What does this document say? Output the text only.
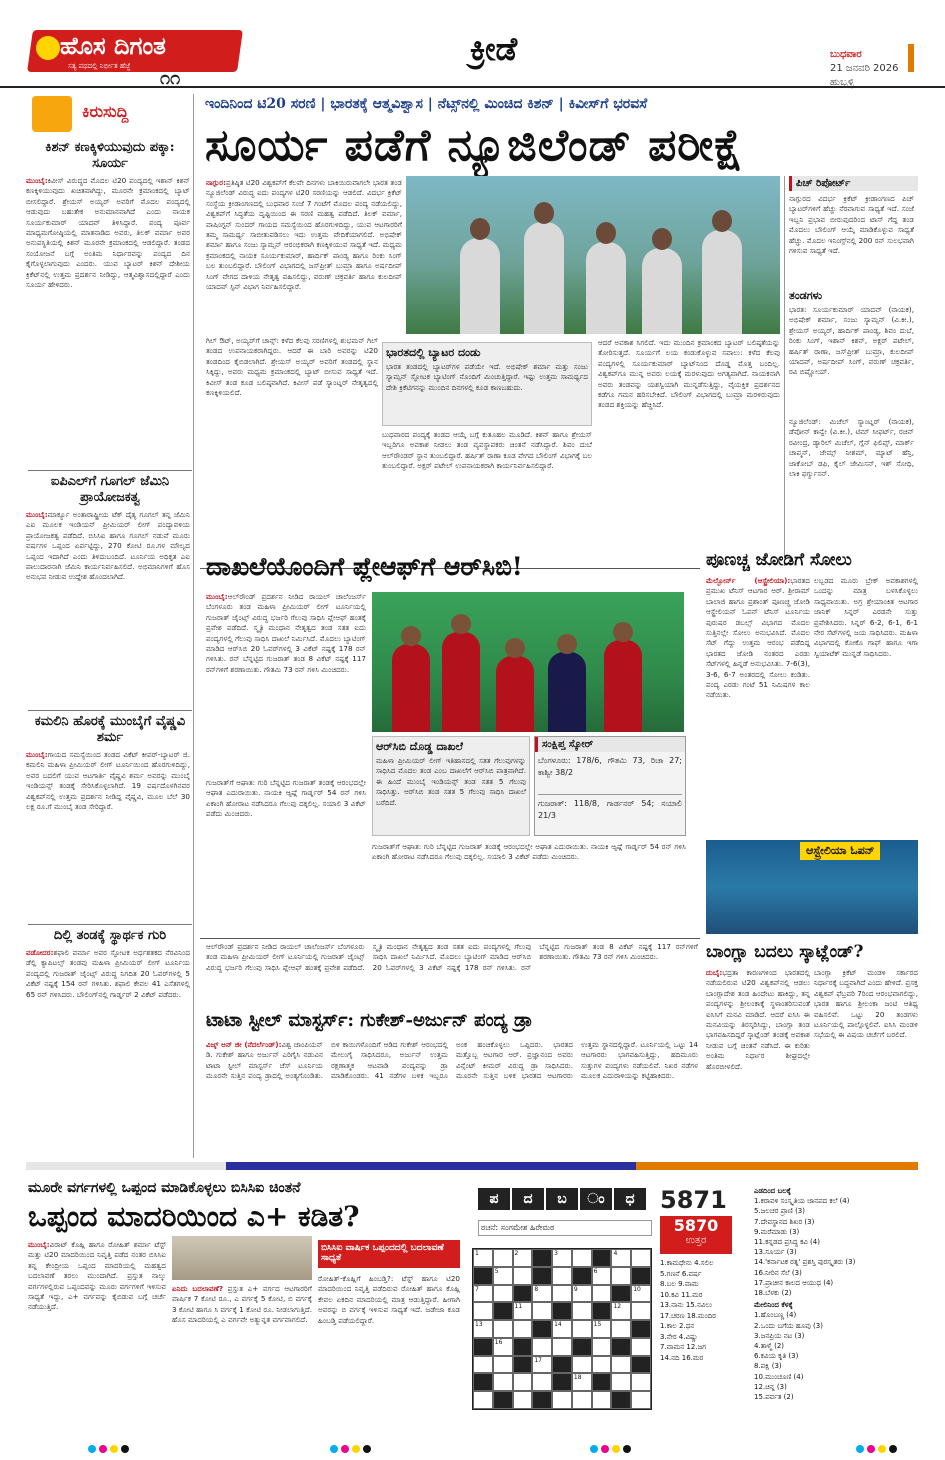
ಹೊಸ ದಿಗಂತ
ಸತ್ಯ ಪಥದಲ್ಲಿ ನಿರ್ಭೀತ ಹೆಜ್ಜೆ
೧೧
ಕ್ರೀಡೆ	ಬುಧವಾರ
21 ಜನವರಿ 2026
ಹುಬ್ಬಳ್ಳಿ
ಕಿರುಸುದ್ದಿ
ಕಿಶನ್ ಕಣಕ್ಕಿಳಿಯುವುದು ಪಕ್ಕಾ: ಸೂರ್ಯ
ಮುಂಬೈ:ಕಿವೀಸ್ ವಿರುದ್ಧದ ಮೊದಲ ಟಿ20 ಪಂದ್ಯದಲ್ಲಿ ಇಶಾನ್ ಕಿಶನ್ ಕಣಕ್ಕಿಳಿಯುವುದು ಖಚಿತವಾಗಿದ್ದು, ಮೂರನೇ ಕ್ರಮಾಂಕದಲ್ಲಿ ಬ್ಯಾಟ್ ಬೀಸಲಿದ್ದಾರೆ. ಶ್ರೇಯಸ್ ಅಯ್ಯರ್ ಅವರಿಗೆ ಮೊದಲ ಪಂದ್ಯದಲ್ಲಿ ಆಡುವುದು ಬಹುತೇಕ ಅನುಮಾನವಾಗಿದೆ ಎಂದು ನಾಯಕ ಸೂರ್ಯಕುಮಾರ್ ಯಾದವ್ ತಿಳಿಸಿದ್ದಾರೆ. ಪಂದ್ಯ ಪೂರ್ವ ಮಾಧ್ಯಮಗೋಷ್ಠಿಯಲ್ಲಿ ಮಾತನಾಡಿದ ಅವರು, ತಿಲಕ್ ವರ್ಮಾ ಅವರ ಅನುಪಸ್ಥಿತಿಯಲ್ಲಿ ಕಿಶನ್ ಮೂರನೇ ಕ್ರಮಾಂಕದಲ್ಲಿ ಆಡಲಿದ್ದಾರೆ. ತಂಡದ ಸಂಯೋಜನೆ ಬಗ್ಗೆ ಅಂತಿಮ ನಿರ್ಧಾರವನ್ನು ಪಂದ್ಯದ ದಿನ ಕೈಗೊಳ್ಳಲಾಗುವುದು ಎಂದರು. ಯುವ ಬ್ಯಾಟರ್ ಕಿಶನ್ ದೇಶೀಯ ಕ್ರಿಕೆಟ್‌ನಲ್ಲಿ ಉತ್ತಮ ಪ್ರದರ್ಶನ ನೀಡಿದ್ದು, ಆತ್ಮವಿಶ್ವಾಸದಲ್ಲಿದ್ದಾರೆ ಎಂದು ಸೂರ್ಯ ಹೇಳಿದರು.
ಐಪಿಎಲ್‌ಗೆ ಗೂಗಲ್ ಜೆಮಿನಿ ಪ್ರಾಯೋಜಕತ್ವ
ಮುಂಬೈ:ಮಾರ್ಕ್ಯೂ ಅಂತಾರಾಷ್ಟ್ರೀಯ ಟೆಕ್ ದೈತ್ಯ ಗೂಗಲ್ ತನ್ನ ಜೆಮಿನಿ ಎಐ ಮೂಲಕ ಇಂಡಿಯನ್ ಪ್ರೀಮಿಯರ್ ಲೀಗ್ ಪಂದ್ಯಾವಳಿಯ ಪ್ರಾಯೋಜಕತ್ವ ಪಡೆದಿದೆ. ಬಿಸಿಸಿಐ ಹಾಗೂ ಗೂಗಲ್ ನಡುವೆ ಮೂರು ವರ್ಷಗಳ ಒಪ್ಪಂದ ಏರ್ಪಟ್ಟಿದ್ದು, 270 ಕೋಟಿ ರೂ.ಗಳ ಮೌಲ್ಯದ ಒಪ್ಪಂದ ಇದಾಗಿದೆ ಎಂದು ತಿಳಿದುಬಂದಿದೆ. ಟೂರ್ನಿಯ ಅಧಿಕೃತ ಎಐ ಪಾಲುದಾರನಾಗಿ ಜೆಮಿನಿ ಕಾರ್ಯನಿರ್ವಹಿಸಲಿದೆ. ಅಭಿಮಾನಿಗಳಿಗೆ ಹೊಸ ಅನುಭವ ನೀಡುವ ಉದ್ದೇಶ ಹೊಂದಲಾಗಿದೆ.
ಕಮಲಿನಿ ಹೊರಕ್ಕೆ ಮುಂಬೈಗೆ ವೈಷ್ಣವಿ ಶರ್ಮ
ಮುಂಬೈ:ಗಾಯದ ಸಮಸ್ಯೆಯಿಂದ ತಂಡದ ವಿಕೆಟ್ ಕೀಪರ್-ಬ್ಯಾಟರ್ ಜಿ. ಕಮಲಿನಿ ಮಹಿಳಾ ಪ್ರೀಮಿಯರ್ ಲೀಗ್ ಟೂರ್ನಿಯಿಂದ ಹೊರಗುಳಿದಿದ್ದು, ಅವರ ಬದಲಿಗೆ ಯುವ ಆಟಗಾರ್ತಿ ವೈಷ್ಣವಿ ಶರ್ಮ ಅವರನ್ನು ಮುಂಬೈ ಇಂಡಿಯನ್ಸ್ ತಂಡಕ್ಕೆ ಸೇರಿಸಿಕೊಳ್ಳಲಾಗಿದೆ. 19 ವರ್ಷದೊಳಗಿನವರ ವಿಶ್ವಕಪ್‌ನಲ್ಲಿ ಉತ್ತಮ ಪ್ರದರ್ಶನ ನೀಡಿದ್ದ ವೈಷ್ಣವಿ, ಮೂಲ ಬೆಲೆ 30 ಲಕ್ಷ ರೂ.ಗೆ ಮುಂಬೈ ತಂಡ ಸೇರಿದ್ದಾರೆ.
ದಿಲ್ಲಿ ತಂಡಕ್ಕೆ ಸ್ಥಾರ್ಥಕ ಗುರಿ
ವಡೋದರ:ಶಫಾಲಿ ವರ್ಮಾ ಅವರ ಸ್ಫೋಟಕ ಅರ್ಧಶತಕದ ನೆರವಿನಿಂದ ಡೆಲ್ಲಿ ಕ್ಯಾಪಿಟಲ್ಸ್ ತಂಡವು ಮಹಿಳಾ ಪ್ರೀಮಿಯರ್ ಲೀಗ್ ಟೂರ್ನಿಯ ಪಂದ್ಯದಲ್ಲಿ ಗುಜರಾತ್ ಜೈಂಟ್ಸ್ ವಿರುದ್ಧ ನಿಗದಿತ 20 ಓವರ್‌ಗಳಲ್ಲಿ 5 ವಿಕೆಟ್ ನಷ್ಟಕ್ಕೆ 154 ರನ್ ಗಳಿಸಿತು. ಶಫಾಲಿ ಕೇವಲ 41 ಎಸೆತಗಳಲ್ಲಿ 65 ರನ್ ಗಳಿಸಿದರು. ಬೌಲಿಂಗ್‌ನಲ್ಲಿ ಗಾರ್ಡ್ನರ್ 2 ವಿಕೆಟ್ ಪಡೆದರು.
ಇಂದಿನಿಂದ ಟಿ20 ಸರಣಿ | ಭಾರತಕ್ಕೆ ಆತ್ಮವಿಶ್ವಾಸ | ನೆಟ್ಸ್‌ನಲ್ಲಿ ಮಿಂಚಿದ ಕಿಶನ್ | ಕಿವೀಸ್‌ಗೆ ಭರವಸೆ
ಸೂರ್ಯ ಪಡೆಗೆ ನ್ಯೂಜಿಲೆಂಡ್ ಪರೀಕ್ಷೆ
ನಾಗ್ಪುರ:ಪ್ರತಿಷ್ಠಿತ ಟಿ20 ವಿಶ್ವಕಪ್‌ಗೆ ಕೆಲವೇ ದಿನಗಳು ಬಾಕಿಯಿರುವಾಗಲೇ ಭಾರತ ತಂಡ ನ್ಯೂಜಿಲೆಂಡ್ ವಿರುದ್ಧ ಐದು ಪಂದ್ಯಗಳ ಟಿ20 ಸರಣಿಯನ್ನು ಆಡಲಿದೆ. ವಿದರ್ಭ ಕ್ರಿಕೆಟ್ ಸಂಸ್ಥೆಯ ಕ್ರೀಡಾಂಗಣದಲ್ಲಿ ಬುಧವಾರ ಸಂಜೆ 7 ಗಂಟೆಗೆ ಮೊದಲ ಪಂದ್ಯ ನಡೆಯಲಿದ್ದು, ವಿಶ್ವಕಪ್‌ಗೆ ಸಿದ್ಧತೆಯ ದೃಷ್ಟಿಯಿಂದ ಈ ಸರಣಿ ಮಹತ್ವ ಪಡೆದಿದೆ. ತಿಲಕ್ ವರ್ಮಾ, ವಾಷಿಂಗ್ಟನ್ ಸುಂದರ್ ಗಾಯದ ಸಮಸ್ಯೆಯಿಂದ ಹೊರಗುಳಿದಿದ್ದು, ಯುವ ಆಟಗಾರರಿಗೆ ತಮ್ಮ ಸಾಮರ್ಥ್ಯ ಸಾಬೀತುಪಡಿಸಲು ಇದು ಉತ್ತಮ ವೇದಿಕೆಯಾಗಲಿದೆ. ಅಭಿಷೇಕ್ ಶರ್ಮಾ ಹಾಗೂ ಸಂಜು ಸ್ಯಾಮ್ಸನ್ ಆರಂಭಿಕರಾಗಿ ಕಣಕ್ಕಿಳಿಯುವ ಸಾಧ್ಯತೆ ಇದೆ. ಮಧ್ಯಮ ಕ್ರಮಾಂಕದಲ್ಲಿ ನಾಯಕ ಸೂರ್ಯಕುಮಾರ್, ಹಾರ್ದಿಕ್ ಪಾಂಡ್ಯ ಹಾಗೂ ರಿಂಕು ಸಿಂಗ್ ಬಲ ತುಂಬಲಿದ್ದಾರೆ. ಬೌಲಿಂಗ್ ವಿಭಾಗದಲ್ಲಿ ಜಸ್‌ಪ್ರೀತ್ ಬುಮ್ರಾ ಹಾಗೂ ಅರ್ಷದೀಪ್ ಸಿಂಗ್ ವೇಗದ ದಾಳಿಯ ನೇತೃತ್ವ ವಹಿಸಲಿದ್ದು, ವರುಣ್ ಚಕ್ರವರ್ತಿ ಹಾಗೂ ಕುಲದೀಪ್ ಯಾದವ್ ಸ್ಪಿನ್ ವಿಭಾಗ ನಿರ್ವಹಿಸಲಿದ್ದಾರೆ.
ಗಿಲ್ ಔಟ್, ಅಯ್ಯರ್‌ಗೆ ಚಾನ್ಸ್: ಕಳೆದ ಕೆಲವು ಸರಣಿಗಳಲ್ಲಿ ಶುಭಮನ್ ಗಿಲ್ ತಂಡದ ಉಪನಾಯಕರಾಗಿದ್ದರು. ಆದರೆ ಈ ಬಾರಿ ಅವರನ್ನು ಟಿ20 ತಂಡದಿಂದ ಕೈಬಿಡಲಾಗಿದೆ. ಶ್ರೇಯಸ್ ಅಯ್ಯರ್ ಅವರಿಗೆ ತಂಡದಲ್ಲಿ ಸ್ಥಾನ ಸಿಕ್ಕಿದ್ದು, ಅವರು ಮಧ್ಯಮ ಕ್ರಮಾಂಕದಲ್ಲಿ ಬ್ಯಾಟ್ ಬೀಸುವ ಸಾಧ್ಯತೆ ಇದೆ. ಕಿವೀಸ್ ತಂಡ ಕೂಡ ಬಲಿಷ್ಠವಾಗಿದೆ. ಕಿವೀಸ್ ಪಡೆ ಸ್ಯಾಂಟ್ನರ್ ನೇತೃತ್ವದಲ್ಲಿ ಕಣಕ್ಕಿಳಿಯಲಿದೆ.
ಭಾರತದಲ್ಲಿ ಬ್ಯಾಟರ ದಂಡು
ಭಾರತ ತಂಡದಲ್ಲಿ ಬ್ಯಾಟರ್‌ಗಳ ಪಡೆಯೇ ಇದೆ. ಅಭಿಷೇಕ್ ಶರ್ಮಾ ಮತ್ತು ಸಂಜು ಸ್ಯಾಮ್ಸನ್ ಸ್ಫೋಟಕ ಬ್ಯಾಟಿಂಗ್ ನೊಂದಿಗೆ ಮಿಂಚುತ್ತಿದ್ದಾರೆ. ಇಷ್ಟು ಉತ್ತಮ ಸಾಮರ್ಥ್ಯದ ದೇಶಿ ಕ್ರಿಕೆಟಿಗನನ್ನು ಮುಂದಿನ ದಿನಗಳಲ್ಲಿ ಕೂಡ ಕಾಣಬಹುದು.
ಬುಧವಾರದ ಪಂದ್ಯಕ್ಕೆ ತಂಡದ ಆಯ್ಕೆ ಬಗ್ಗೆ ಕುತೂಹಲ ಮೂಡಿದೆ. ಕಿಶನ್ ಹಾಗೂ ಶ್ರೇಯಸ್ ಇಬ್ಬರಿಗೂ ಅವಕಾಶ ನೀಡಲು ತಂಡ ವ್ಯವಸ್ಥಾಪಕರು ಚಿಂತನೆ ನಡೆಸಿದ್ದಾರೆ. ಶಿವಂ ದುಬೆ ಆಲ್‌ರೌಂಡರ್ ಸ್ಥಾನ ತುಂಬಲಿದ್ದಾರೆ. ಹರ್ಷಿತ್ ರಾಣಾ ಕೂಡ ವೇಗದ ಬೌಲಿಂಗ್ ವಿಭಾಗಕ್ಕೆ ಬಲ ತುಂಬಲಿದ್ದಾರೆ. ಅಕ್ಷರ್ ಪಟೇಲ್ ಉಪನಾಯಕರಾಗಿ ಕಾರ್ಯನಿರ್ವಹಿಸಲಿದ್ದಾರೆ.
ಆದರೆ ಅವಕಾಶ ಸಿಗಲಿದೆ. ಇದು ಮುಂದಿನ ಕ್ರಮಾಂಕದ ಬ್ಯಾಟರ್ ಬಲಿಷ್ಠತೆಯನ್ನು ತೋರಿಸುತ್ತದೆ. ಸೂರ್ಯಗೆ ಲಯ ಕಂಡುಕೊಳ್ಳುವ ಸವಾಲು: ಕಳೆದ ಕೆಲವು ಪಂದ್ಯಗಳಲ್ಲಿ ಸೂರ್ಯಕುಮಾರ್ ಬ್ಯಾಟ್‌ನಿಂದ ದೊಡ್ಡ ಮೊತ್ತ ಬಂದಿಲ್ಲ. ವಿಶ್ವಕಪ್‌ಗೂ ಮುನ್ನ ಅವರು ಲಯಕ್ಕೆ ಮರಳುವುದು ಅಗತ್ಯವಾಗಿದೆ. ನಾಯಕನಾಗಿ ಅವರು ತಂಡವನ್ನು ಯಶಸ್ವಿಯಾಗಿ ಮುನ್ನಡೆಸುತ್ತಿದ್ದು, ವೈಯಕ್ತಿಕ ಪ್ರದರ್ಶನದ ಕಡೆಗೂ ಗಮನ ಹರಿಸಬೇಕಿದೆ. ಬೌಲಿಂಗ್ ವಿಭಾಗದಲ್ಲಿ ಬುಮ್ರಾ ಮರಳಿರುವುದು ತಂಡದ ಶಕ್ತಿಯನ್ನು ಹೆಚ್ಚಿಸಿದೆ.
ಪಿಚ್ ರಿಪೋರ್ಟ್
ನಾಗ್ಪುರದ ವಿದರ್ಭ ಕ್ರಿಕೆಟ್ ಕ್ರೀಡಾಂಗಣದ ಪಿಚ್ ಬ್ಯಾಟರ್‌ಗಳಿಗೆ ಹೆಚ್ಚು ನೆರವಾಗುವ ಸಾಧ್ಯತೆ ಇದೆ. ಸಂಜೆ ಇಬ್ಬನಿ ಪ್ರಭಾವ ಬೀರುವುದರಿಂದ ಟಾಸ್ ಗೆದ್ದ ತಂಡ ಮೊದಲು ಬೌಲಿಂಗ್ ಆಯ್ಕೆ ಮಾಡಿಕೊಳ್ಳುವ ಸಾಧ್ಯತೆ ಹೆಚ್ಚು. ಮೊದಲ ಇನಿಂಗ್ಸ್‌ನಲ್ಲಿ 200 ರನ್ ಸುಲಭವಾಗಿ ಗಳಿಸುವ ಸಾಧ್ಯತೆ ಇದೆ.
ತಂಡಗಳು
ಭಾರತ: ಸೂರ್ಯಕುಮಾರ್ ಯಾದವ್ (ನಾಯಕ), ಅಭಿಷೇಕ್ ಶರ್ಮಾ, ಸಂಜು ಸ್ಯಾಮ್ಸನ್ (ವಿ.ಕೀ.), ಶ್ರೇಯಸ್ ಅಯ್ಯರ್, ಹಾರ್ದಿಕ್ ಪಾಂಡ್ಯ, ಶಿವಂ ದುಬೆ, ರಿಂಕು ಸಿಂಗ್, ಇಶಾನ್ ಕಿಶನ್, ಅಕ್ಷರ್ ಪಟೇಲ್, ಹರ್ಷಿತ್ ರಾಣಾ, ಜಸ್‌ಪ್ರೀತ್ ಬುಮ್ರಾ, ಕುಲದೀಪ್ ಯಾದವ್, ಅರ್ಷದೀಪ್ ಸಿಂಗ್, ವರುಣ್ ಚಕ್ರವರ್ತಿ, ರವಿ ಬಿಷ್ಣೋಯ್.
ನ್ಯೂಜಿಲೆಂಡ್: ಮಿಚೆಲ್ ಸ್ಯಾಂಟ್ನರ್ (ನಾಯಕ), ಡೆವೋನ್ ಕಾನ್ವೇ (ವಿ.ಕೀ.), ಟಿಮ್ ಸೀಫರ್ಟ್, ರಚಿನ್ ರವೀಂದ್ರ, ಡ್ಯಾರಿಲ್ ಮಿಚೆಲ್, ಗ್ಲೆನ್ ಫಿಲಿಪ್ಸ್, ಮಾರ್ಕ್ ಚಾಪ್ಮನ್, ಜೇಮ್ಸ್ ನೀಶಮ್, ಮ್ಯಾಟ್ ಹೆನ್ರಿ, ಜಾಕೋಬ್ ಡಫಿ, ಕೈಲ್ ಜೇಮಿಸನ್, ಇಶ್ ಸೋಧಿ, ಲಾಕಿ ಫರ್ಗ್ಯುಸನ್.
ದಾಖಲೆಯೊಂದಿಗೆ ಪ್ಲೇಆಫ್‌ಗೆ ಆರ್‌ಸಿಬಿ!
ಮುಂಬೈ:ಆಲ್‌ರೌಂಡ್ ಪ್ರದರ್ಶನ ನೀಡಿದ ರಾಯಲ್ ಚಾಲೆಂಜರ್ಸ್ ಬೆಂಗಳೂರು ತಂಡ ಮಹಿಳಾ ಪ್ರೀಮಿಯರ್ ಲೀಗ್ ಟೂರ್ನಿಯಲ್ಲಿ ಗುಜರಾತ್ ಜೈಂಟ್ಸ್ ವಿರುದ್ಧ ಭರ್ಜರಿ ಗೆಲುವು ಸಾಧಿಸಿ ಪ್ಲೇಆಫ್ ಹಂತಕ್ಕೆ ಪ್ರವೇಶ ಪಡೆದಿದೆ. ಸ್ಮೃತಿ ಮಂಧಾನ ನೇತೃತ್ವದ ತಂಡ ಸತತ ಐದು ಪಂದ್ಯಗಳಲ್ಲಿ ಗೆಲುವು ಸಾಧಿಸಿ ದಾಖಲೆ ನಿರ್ಮಿಸಿದೆ. ಮೊದಲು ಬ್ಯಾಟಿಂಗ್ ಮಾಡಿದ ಆರ್‌ಸಿಬಿ 20 ಓವರ್‌ಗಳಲ್ಲಿ 3 ವಿಕೆಟ್ ನಷ್ಟಕ್ಕೆ 178 ರನ್ ಗಳಿಸಿತು. ರನ್ ಬೆನ್ನಟ್ಟಿದ ಗುಜರಾತ್ ತಂಡ 8 ವಿಕೆಟ್ ನಷ್ಟಕ್ಕೆ 117 ರನ್‌ಗಳಿಗೆ ಶರಣಾಯಿತು. ಗೌತಮಿ 73 ರನ್ ಗಳಿಸಿ ಮಿಂಚಿದರು.
ಗುಜರಾತ್‌ಗೆ ಆಘಾತ: ಗುರಿ ಬೆನ್ನಟ್ಟಿದ ಗುಜರಾತ್ ತಂಡಕ್ಕೆ ಆರಂಭದಲ್ಲೇ ಆಘಾತ ಎದುರಾಯಿತು. ನಾಯಕಿ ಆ್ಯಷ್ಲೆ ಗಾರ್ಡ್ನರ್ 54 ರನ್ ಗಳಿಸಿ ಏಕಾಂಗಿ ಹೋರಾಟ ನಡೆಸಿದರೂ ಗೆಲುವು ದಕ್ಕಲಿಲ್ಲ. ಸಯಾಲಿ 3 ವಿಕೆಟ್ ಪಡೆದು ಮಿಂಚಿದರು.
ಆರ್‌ಸಿಬಿ ದೊಡ್ಡ ದಾಖಲೆ
ಮಹಿಳಾ ಪ್ರೀಮಿಯರ್ ಲೀಗ್ ಇತಿಹಾಸದಲ್ಲಿ ಸತತ ಗೆಲುವುಗಳನ್ನು ಸಾಧಿಸಿದ ಮೊದಲ ತಂಡ ಎಂಬ ದಾಖಲೆಗೆ ಆರ್‌ಸಿಬಿ ಪಾತ್ರವಾಗಿದೆ. ಈ ಹಿಂದೆ ಮುಂಬೈ ಇಂಡಿಯನ್ಸ್ ತಂಡ ಸತತ 5 ಗೆಲುವು ಸಾಧಿಸಿತ್ತು. ಆರ್‌ಸಿಬಿ ತಂಡ ಸತತ 5 ಗೆಲುವು ಸಾಧಿಸಿ ದಾಖಲೆ ಬರೆದಿದೆ.
ಸಂಕ್ಷಿಪ್ತ ಸ್ಕೋರ್
ಬೆಂಗಳೂರು: 178/6, ಗೌತಮಿ 73, ರಿಚಾ 27; ಕಾಶ್ವೀ 38/2
ಗುಜರಾತ್: 118/8, ಗಾರ್ಡನರ್ 54; ಸಯಾಲಿ 21/3
ಗುಜರಾತ್‌ಗೆ ಆಘಾತ: ಗುರಿ ಬೆನ್ನಟ್ಟಿದ ಗುಜರಾತ್ ತಂಡಕ್ಕೆ ಆರಂಭದಲ್ಲೇ ಆಘಾತ ಎದುರಾಯಿತು. ನಾಯಕಿ ಆ್ಯಷ್ಲೆ ಗಾರ್ಡ್ನರ್ 54 ರನ್ ಗಳಿಸಿ ಏಕಾಂಗಿ ಹೋರಾಟ ನಡೆಸಿದರೂ ಗೆಲುವು ದಕ್ಕಲಿಲ್ಲ. ಸಯಾಲಿ 3 ವಿಕೆಟ್ ಪಡೆದು ಮಿಂಚಿದರು.
ಪೂಣಚ್ಚ ಜೋಡಿಗೆ ಸೋಲು
ಮೆಲ್ಬೋರ್ನ್ (ಆಸ್ಟ್ರೇಲಿಯಾ):ಭಾರತದ ಪ್ರಮುಖ ಟೆನಿಸ್ ಆಟಗಾರ ಆರ್. ಶ್ರೀರಾಮ್ ಬಾಲಾಜಿ ಹಾಗೂ ಪ್ರಶಾಂತ್ ಪೂಣಚ್ಚ ಜೋಡಿ ಆಸ್ಟ್ರೇಲಿಯನ್ ಓಪನ್ ಟೆನಿಸ್ ಟೂರ್ನಿಯ ಪುರುಷರ ಡಬಲ್ಸ್ ವಿಭಾಗದ ಮೊದಲ ಸುತ್ತಿನಲ್ಲೇ ಸೋಲು ಅನುಭವಿಸಿದೆ. ಮೊದಲ ಸೆಟ್ ಗೆದ್ದು ಉತ್ತಮ ಆರಂಭ ಪಡೆದಿದ್ದ ಭಾರತದ ಜೋಡಿ ನಂತರದ ಎರಡು ಸೆಟ್‌ಗಳಲ್ಲಿ ಹಿನ್ನಡೆ ಅನುಭವಿಸಿತು. 7-6(3), 3-6, 6-7 ಅಂತರದಲ್ಲಿ ಸೋಲು ಕಂಡಿತು. ಪಂದ್ಯ ಎರಡು ಗಂಟೆ 51 ನಿಮಿಷಗಳ ಕಾಲ ನಡೆಯಿತು.
ಲಬ್ಬಡದ ಮೂರು ಬ್ರೇಕ್ ಅವಕಾಶಗಳಲ್ಲಿ ಒಂದನ್ನು ಮಾತ್ರ ಬಳಸಿಕೊಳ್ಳಲು ಸಾಧ್ಯವಾಯಿತು. ಅಗ್ರ ಶ್ರೇಯಾಂಕಿತ ಆಟಗಾರ ಜಾನಿಕ್ ಸಿನ್ನರ್ ಎರಡನೇ ಸುತ್ತು ಪ್ರವೇಶಿಸಿದರು. ಸಿನ್ನರ್ 6-2, 6-1, 6-1 ನೇರ ಸೆಟ್‌ಗಳಲ್ಲಿ ಜಯ ಸಾಧಿಸಿದರು. ಮಹಿಳಾ ವಿಭಾಗದಲ್ಲಿ ಕೋಕೊ ಗಾಫ್ ಹಾಗೂ ಇಗಾ ಸ್ವಿಯಾಟೆಕ್ ಮುನ್ನಡೆ ಸಾಧಿಸಿದರು.
ಆಸ್ಟ್ರೇಲಿಯಾ ಓಪನ್
ಬಾಂಗ್ಲಾ ಬದಲು ಸ್ಕಾಟ್ಲೆಂಡ್?
ದುಬೈ:ಭದ್ರತಾ ಕಾರಣಗಳಿಂದ ಭಾರತದಲ್ಲಿ ನಡೆಯಲಿರುವ ಟಿ20 ವಿಶ್ವಕಪ್‌ನಲ್ಲಿ ಆಡಲು ಬಾಂಗ್ಲಾದೇಶ ತಂಡ ಹಿಂದೇಟು ಹಾಕಿದ್ದು, ತನ್ನ ಪಂದ್ಯಗಳನ್ನು ಶ್ರೀಲಂಕಾಕ್ಕೆ ಸ್ಥಳಾಂತರಿಸುವಂತೆ ಐಸಿಸಿಗೆ ಮನವಿ ಮಾಡಿದೆ. ಆದರೆ ಐಸಿಸಿ ಈ ಮನವಿಯನ್ನು ತಿರಸ್ಕರಿಸಿದ್ದು, ಬಾಂಗ್ಲಾ ತಂಡ ಭಾಗವಹಿಸದಿದ್ದರೆ ಸ್ಕಾಟ್ಲೆಂಡ್ ತಂಡಕ್ಕೆ ಅವಕಾಶ ನೀಡುವ ಬಗ್ಗೆ ಚಿಂತನೆ ನಡೆಸಿದೆ. ಈ ಕುರಿತು ಅಂತಿಮ ನಿರ್ಧಾರ ಶೀಘ್ರದಲ್ಲೇ ಹೊರಬೀಳಲಿದೆ.
ಬಾಂಗ್ಲಾ ಕ್ರಿಕೆಟ್ ಮಂಡಳಿ ಸರ್ಕಾರದ ನಿರ್ಧಾರಕ್ಕೆ ಬದ್ಧವಾಗಿದೆ ಎಂದು ಹೇಳಿದೆ. ಪ್ರಸಕ್ತ ವಿಶ್ವಕಪ್ ಫೆಬ್ರವರಿ 7ರಿಂದ ಆರಂಭವಾಗಲಿದ್ದು, ಭಾರತ ಹಾಗೂ ಶ್ರೀಲಂಕಾ ಜಂಟಿ ಆತಿಥ್ಯ ವಹಿಸಲಿವೆ. ಒಟ್ಟು 20 ತಂಡಗಳು ಟೂರ್ನಿಯಲ್ಲಿ ಪಾಲ್ಗೊಳ್ಳಲಿವೆ. ಐಸಿಸಿ ಮಂಡಳಿ ಸಭೆಯಲ್ಲಿ ಈ ವಿಷಯ ಚರ್ಚೆಗೆ ಬರಲಿದೆ.
ಟಾಟಾ ಸ್ಟೀಲ್ ಮಾಸ್ಟರ್ಸ್: ಗುಕೇಶ್-ಅರ್ಜುನ್ ಪಂದ್ಯ ಡ್ರಾ
ವಿಜ್ಕ್ ಆನ್ ಜೀ (ನೆದರ್ಲೆಂಡ್):ವಿಶ್ವ ಚಾಂಪಿಯನ್ ಡಿ. ಗುಕೇಶ್ ಹಾಗೂ ಅರ್ಜುನ್ ಎರಿಗೈಸಿ ನಡುವಿನ ಟಾಟಾ ಸ್ಟೀಲ್ ಮಾಸ್ಟರ್ಸ್ ಚೆಸ್ ಟೂರ್ನಿಯ ಮೂರನೇ ಸುತ್ತಿನ ಪಂದ್ಯ ಡ್ರಾದಲ್ಲಿ ಅಂತ್ಯಗೊಂಡಿತು. ಬಿಳಿ ಕಾಯಿಗಳೊಂದಿಗೆ ಆಡಿದ ಗುಕೇಶ್ ಆರಂಭದಲ್ಲಿ ಮೇಲುಗೈ ಸಾಧಿಸಿದರೂ, ಅರ್ಜುನ್ ಉತ್ತಮ ರಕ್ಷಣಾತ್ಮಕ ಆಟವಾಡಿ ಪಂದ್ಯವನ್ನು ಡ್ರಾ ಮಾಡಿಕೊಂಡರು. 41 ನಡೆಗಳ ಬಳಿಕ ಇಬ್ಬರೂ ಅಂಕ ಹಂಚಿಕೊಳ್ಳಲು ಒಪ್ಪಿದರು. ಭಾರತದ ಮತ್ತೊಬ್ಬ ಆಟಗಾರ ಆರ್. ಪ್ರಜ್ಞಾನಂದ ಅವರು ವಿನ್ಸೆಂಟ್ ಕೀಮರ್ ವಿರುದ್ಧ ಡ್ರಾ ಸಾಧಿಸಿದರು. ಮೂರನೇ ಸುತ್ತಿನ ಬಳಿಕ ಭಾರತದ ಆಟಗಾರರು ಉತ್ತಮ ಸ್ಥಾನದಲ್ಲಿದ್ದಾರೆ. ಟೂರ್ನಿಯಲ್ಲಿ ಒಟ್ಟು 14 ಆಟಗಾರರು ಭಾಗವಹಿಸುತ್ತಿದ್ದು, ಹದಿಮೂರು ಸುತ್ತುಗಳ ಪಂದ್ಯಗಳು ನಡೆಯಲಿವೆ. ನಿಖರ ನಡೆಗಳ ಮೂಲಕ ಎದುರಾಳಿಯನ್ನು ಕಟ್ಟಿಹಾಕಿದರು.
ಆಲ್‌ರೌಂಡ್ ಪ್ರದರ್ಶನ ನೀಡಿದ ರಾಯಲ್ ಚಾಲೆಂಜರ್ಸ್ ಬೆಂಗಳೂರು ತಂಡ ಮಹಿಳಾ ಪ್ರೀಮಿಯರ್ ಲೀಗ್ ಟೂರ್ನಿಯಲ್ಲಿ ಗುಜರಾತ್ ಜೈಂಟ್ಸ್ ವಿರುದ್ಧ ಭರ್ಜರಿ ಗೆಲುವು ಸಾಧಿಸಿ ಪ್ಲೇಆಫ್ ಹಂತಕ್ಕೆ ಪ್ರವೇಶ ಪಡೆದಿದೆ. ಸ್ಮೃತಿ ಮಂಧಾನ ನೇತೃತ್ವದ ತಂಡ ಸತತ ಐದು ಪಂದ್ಯಗಳಲ್ಲಿ ಗೆಲುವು ಸಾಧಿಸಿ ದಾಖಲೆ ನಿರ್ಮಿಸಿದೆ. ಮೊದಲು ಬ್ಯಾಟಿಂಗ್ ಮಾಡಿದ ಆರ್‌ಸಿಬಿ 20 ಓವರ್‌ಗಳಲ್ಲಿ 3 ವಿಕೆಟ್ ನಷ್ಟಕ್ಕೆ 178 ರನ್ ಗಳಿಸಿತು. ರನ್ ಬೆನ್ನಟ್ಟಿದ ಗುಜರಾತ್ ತಂಡ 8 ವಿಕೆಟ್ ನಷ್ಟಕ್ಕೆ 117 ರನ್‌ಗಳಿಗೆ ಶರಣಾಯಿತು. ಗೌತಮಿ 73 ರನ್ ಗಳಿಸಿ ಮಿಂಚಿದರು.
ಮೂರೇ ವರ್ಗಗಳಲ್ಲಿ ಒಪ್ಪಂದ ಮಾಡಿಕೊಳ್ಳಲು ಬಿಸಿಸಿಐ ಚಿಂತನೆ
ಒಪ್ಪಂದ ಮಾದರಿಯಿಂದ ಎ+ ಕಡಿತ?
ಮುಂಬೈ:ವಿರಾಟ್ ಕೊಹ್ಲಿ ಹಾಗೂ ರೋಹಿತ್ ಶರ್ಮಾ ಟೆಸ್ಟ್ ಮತ್ತು ಟಿ20 ಮಾದರಿಯಿಂದ ನಿವೃತ್ತಿ ಪಡೆದ ನಂತರ ಬಿಸಿಸಿಐ ತನ್ನ ಕೇಂದ್ರೀಯ ಒಪ್ಪಂದ ಮಾದರಿಯಲ್ಲಿ ಮಹತ್ವದ ಬದಲಾವಣೆ ತರಲು ಮುಂದಾಗಿದೆ. ಪ್ರಸ್ತುತ ನಾಲ್ಕು ವರ್ಗಗಳಲ್ಲಿರುವ ಒಪ್ಪಂದವನ್ನು ಮೂರು ವರ್ಗಗಳಿಗೆ ಇಳಿಸುವ ಸಾಧ್ಯತೆ ಇದ್ದು, ಎ+ ವರ್ಗವನ್ನು ಕೈಬಿಡುವ ಬಗ್ಗೆ ಚರ್ಚೆ ನಡೆಯುತ್ತಿದೆ.
ಏನಿದು ಬದಲಾವಣೆ? ಪ್ರಸ್ತುತ ಎ+ ವರ್ಗದ ಆಟಗಾರರಿಗೆ ವಾರ್ಷಿಕ 7 ಕೋಟಿ ರೂ., ಎ ವರ್ಗಕ್ಕೆ 5 ಕೋಟಿ, ಬಿ ವರ್ಗಕ್ಕೆ 3 ಕೋಟಿ ಹಾಗೂ ಸಿ ವರ್ಗಕ್ಕೆ 1 ಕೋಟಿ ರೂ. ನೀಡಲಾಗುತ್ತಿದೆ. ಹೊಸ ಮಾದರಿಯಲ್ಲಿ ಎ ವರ್ಗವೇ ಅತ್ಯುನ್ನತ ವರ್ಗವಾಗಲಿದೆ.
ಬಿಸಿಸಿಐ ವಾರ್ಷಿಕ ಒಪ್ಪಂದದಲ್ಲಿ ಬದಲಾವಣೆ ಸಾಧ್ಯತೆ
ರೋಹಿತ್-ಕೊಹ್ಲಿಗೆ ಹಿಂಬಡ್ತಿ?: ಟೆಸ್ಟ್ ಹಾಗೂ ಟಿ20 ಮಾದರಿಯಿಂದ ನಿವೃತ್ತಿ ಪಡೆದಿರುವ ರೋಹಿತ್ ಹಾಗೂ ಕೊಹ್ಲಿ ಕೇವಲ ಏಕದಿನ ಮಾದರಿಯಲ್ಲಿ ಮಾತ್ರ ಆಡುತ್ತಿದ್ದಾರೆ. ಹೀಗಾಗಿ ಅವರನ್ನು ಬಿ ವರ್ಗಕ್ಕೆ ಇಳಿಸುವ ಸಾಧ್ಯತೆ ಇದೆ. ಜಡೇಜಾ ಕೂಡ ಹಿಂಬಡ್ತಿ ಪಡೆಯಲಿದ್ದಾರೆ.
ಪ	ದ	ಬ	ಂ	ಧ
ರಚನೆ: ಸಂಗಮೇಶ ಹಿರೇಮಠ
1	2	3	4
5	6
7	8	9	10
11	12
13	14	15
16
17
18
5871
5870
ಉತ್ತರ
1.ಕಾಮಧೇನು 4.ಸಲಿಲ
5.ಗಣನೆ 6.ವರ್ಷ
8.ಬಲ 9.ವಾಮ
10.ಕವಿ 11.ಮರ
13.ನಾನು 15.ನವಿಲು
17.ಚರಣ 18.ಮಂದಿರ
1.ಕಾಲ 2.ಧನ
3.ನೇರ 4.ವಿಷ್ಣು
7.ವಾಮನ 12.ಜಗ
14.ನದಿ 16.ಮರ
ಎಡದಿಂದ ಬಲಕ್ಕೆ
1.ಕರಾವಳಿ ಸಂಸ್ಕೃತಿಯ ಜಾನಪದ ಕಲೆ (4)
5.ಜಲಚರ ಪ್ರಾಣಿ (3)
7.ದೇವಸ್ಥಾನದ ಶಿಖರ (3)
9.ಮರೆಮಾಡು (3)
11.ಕನ್ನಡದ ಪ್ರಸಿದ್ಧ ಕವಿ (4)
13.ಸೂರ್ಯ (3)
14.'ಕರ್ನಾಟಕ ರತ್ನ' ಪ್ರಶಸ್ತಿ ಪುರಸ್ಕೃತರು (3)
16.ನೀರಿನ ಸೆಲೆ (3)
17.ಪ್ರಾಚೀನ ಕಾಲದ ಆಯುಧ (4)
18.ಬೆಳಕು (2)
ಮೇಲಿನಿಂದ ಕೆಳಕ್ಕೆ
1.ಹೊಂಬಣ್ಣ (4)
2.ಒಂದು ಬಗೆಯ ಹೂವು (3)
3.ಜನಪ್ರಿಯ ನಟ (3)
4.ತಾಳ್ಮೆ (2)
6.ಕವಿಯ ಕೃತಿ (3)
8.ಪಕ್ಷಿ (3)
10.ಮುಂಚೂಣಿ (4)
12.ಚಿನ್ನ (3)
15.ಪರ್ವತ (2)
